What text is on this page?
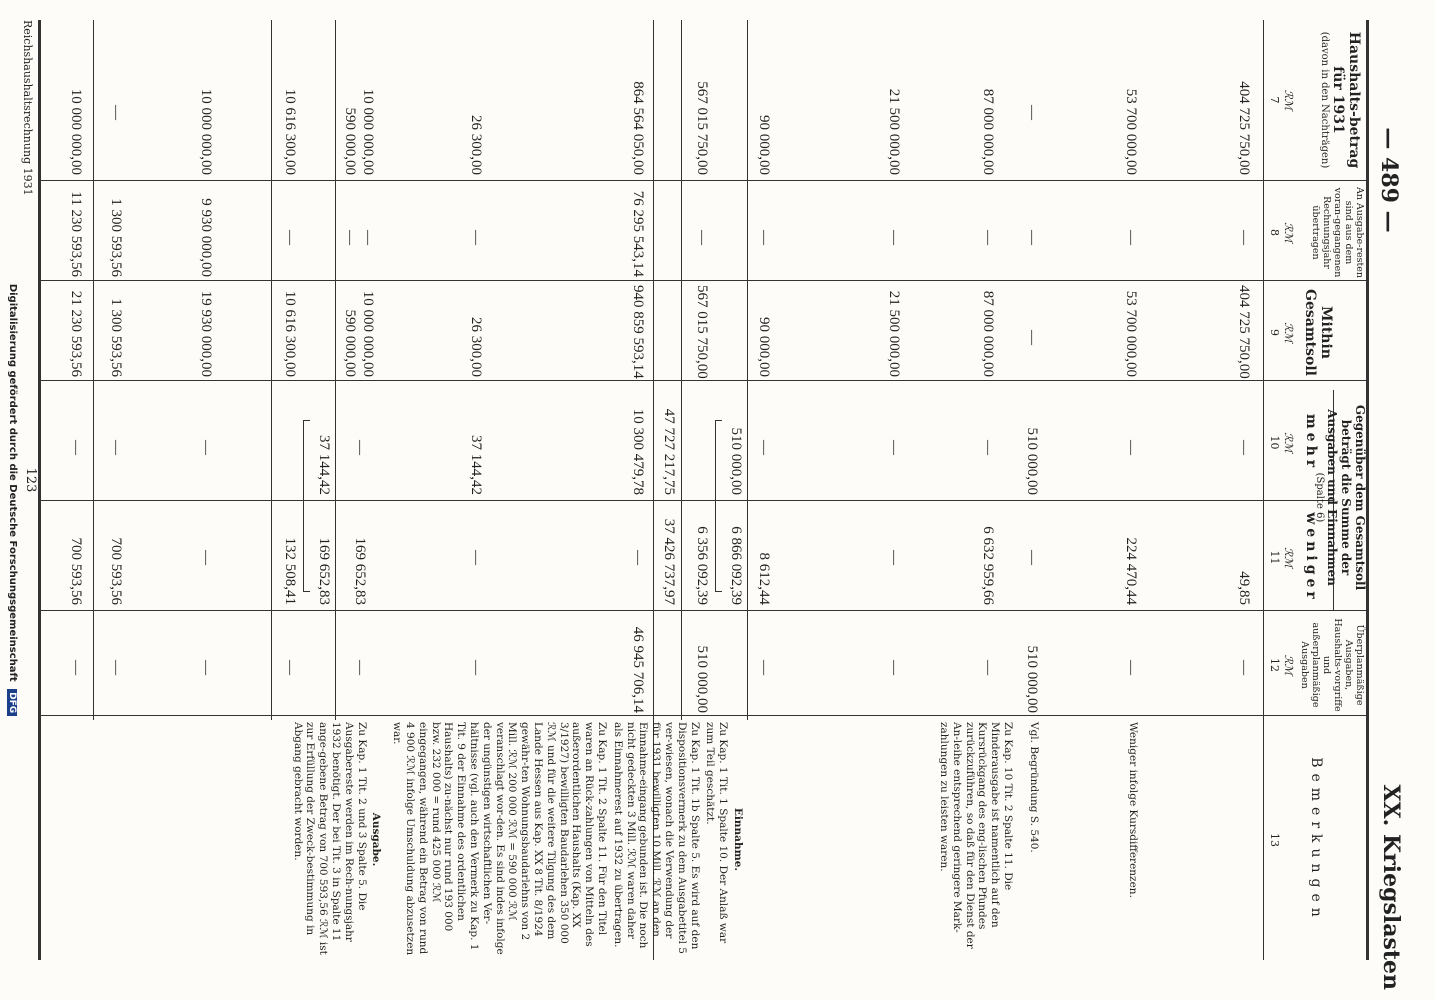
— 489 —
XX. Kriegslasten
Haushalts-betrag für 1931
(davon in den Nachträgen)
An Ausgabe-resten sind aus dem voran-gegangenen Rechnungsjahr übertragen
Mithin Gesamtsoll
Gegenüber dem Gesamtsoll beträgt die Summe der Ausgaben und Einnahmen
(Spalte 6)
mehr
weniger
Überplanmäßige Ausgaben, Haushalts-vorgriffe und außerplanmäßige Ausgaben
Bemerkungen
ℛℳ
ℛℳ
ℛℳ
ℛℳ
ℛℳ
ℛℳ
7
8
9
10
11
12
13
404 725 750,00
—
404 725 750,00
—
49,85
—
53 700 000,00
—
53 700 000,00
—
224 470,44
—
Weniger infolge Kursdifferenzen.
—
—
—
510 000,00
—
510 000,00
Vgl. Begründung S. 540.
87 000 000,00
—
87 000 000,00
—
6 632 959,66
—
Zu Kap. 10 Tit. 2 Spalte 11. Die Minderausgabe ist namentlich auf den Kursrückgang des eng-lischen Pfundes zurückzuführen, so daß für den Dienst der An-leihe entsprechend geringere Mark-zahlungen zu leisten waren.
21 500 000,00
—
21 500 000,00
—
—
—
90 000,00
—
90 000,00
—
8 612,44
—
510 000,00
6 866 092,39
567 015 750,00
—
567 015 750,00
6 356 092,39
510 000,00
47 727 217,75
37 426 737,97
864 564 050,00
76 295 543,14
940 859 593,14
10 300 479,78
—
46 945 706,14
26 300,00
—
26 300,00
37 144,42
—
—
10 000 000,00
590 000,00
—
—
10 000 000,00
590 000,00
—
169 652,83
—
37 144,42
169 652,83
10 616 300,00
—
10 616 300,00
132 508,41
—
10 000 000,00
9 930 000,00
19 930 000,00
—
—
—
—
1 300 593,56
1 300 593,56
—
700 593,56
—
10 000 000,00
11 230 593,56
21 230 593,56
—
700 593,56
—
Einnahme.
Zu Kap. 1 Tit. 1 Spalte 10. Der Anlaß war zum Teil geschätzt.
Zu Kap. 1 Tit. 1b Spalte 5. Es wird auf den Dispositionsvermerk zu dem Ausgabetitel 5 ver-wiesen, wonach die Verwendung der für 1931 bewilligten 10 Mill. ℛℳ an den Einnahme-eingang gebunden ist. Die noch nicht gedeckten 3 Mill. ℛℳ waren daher als Einnahmerest auf 1932 zu übertragen.
Zu Kap. 1 Tit. 2 Spalte 11. Für den Titel waren an Rück-zahlungen von Mitteln des außerordentlichen Haushalts (Kap. XX 3/1927) bewilligten Baudarlehen 350 000 ℛℳ und für die weitere Tilgung des dem Lande Hessen aus Kap. XX 8 Tit. 8/1924 gewähr-ten Wohnungsbaudarlehns von 2 Mill. ℛℳ 200 000 ℛℳ = 590 000 ℛℳ veranschlagt wor-den. Es sind indes infolge der ungünstigen wirtschaftlichen Ver-hältnisse (vgl. auch den Vermerk zu Kap. 1 Tit. 9 der Einnahme des ordentlichen Haushalts) zu-nächst nur rund 193 000 bzw. 232 000 = rund 425 000 ℛℳ eingegangen, während ein Betrag von rund 4 900 ℛℳ infolge Umschuldung abzusetzen war.
Ausgabe.
Zu Kap. 1 Tit. 2 und 3 Spalte 5. Die Ausgabereste werden im Rech-nungsjahr 1932 benötigt. Der bei Tit. 3 in Spalte 11 ange-gebene Betrag von 700 593,56 ℛℳ ist zur Erfüllung der Zweck-bestimmung in Abgang gebracht worden.
Reichshaushaltsrechnung 1931
123
Digitalisierung gefördert durch die Deutsche Forschungsgemeinschaft DFG
